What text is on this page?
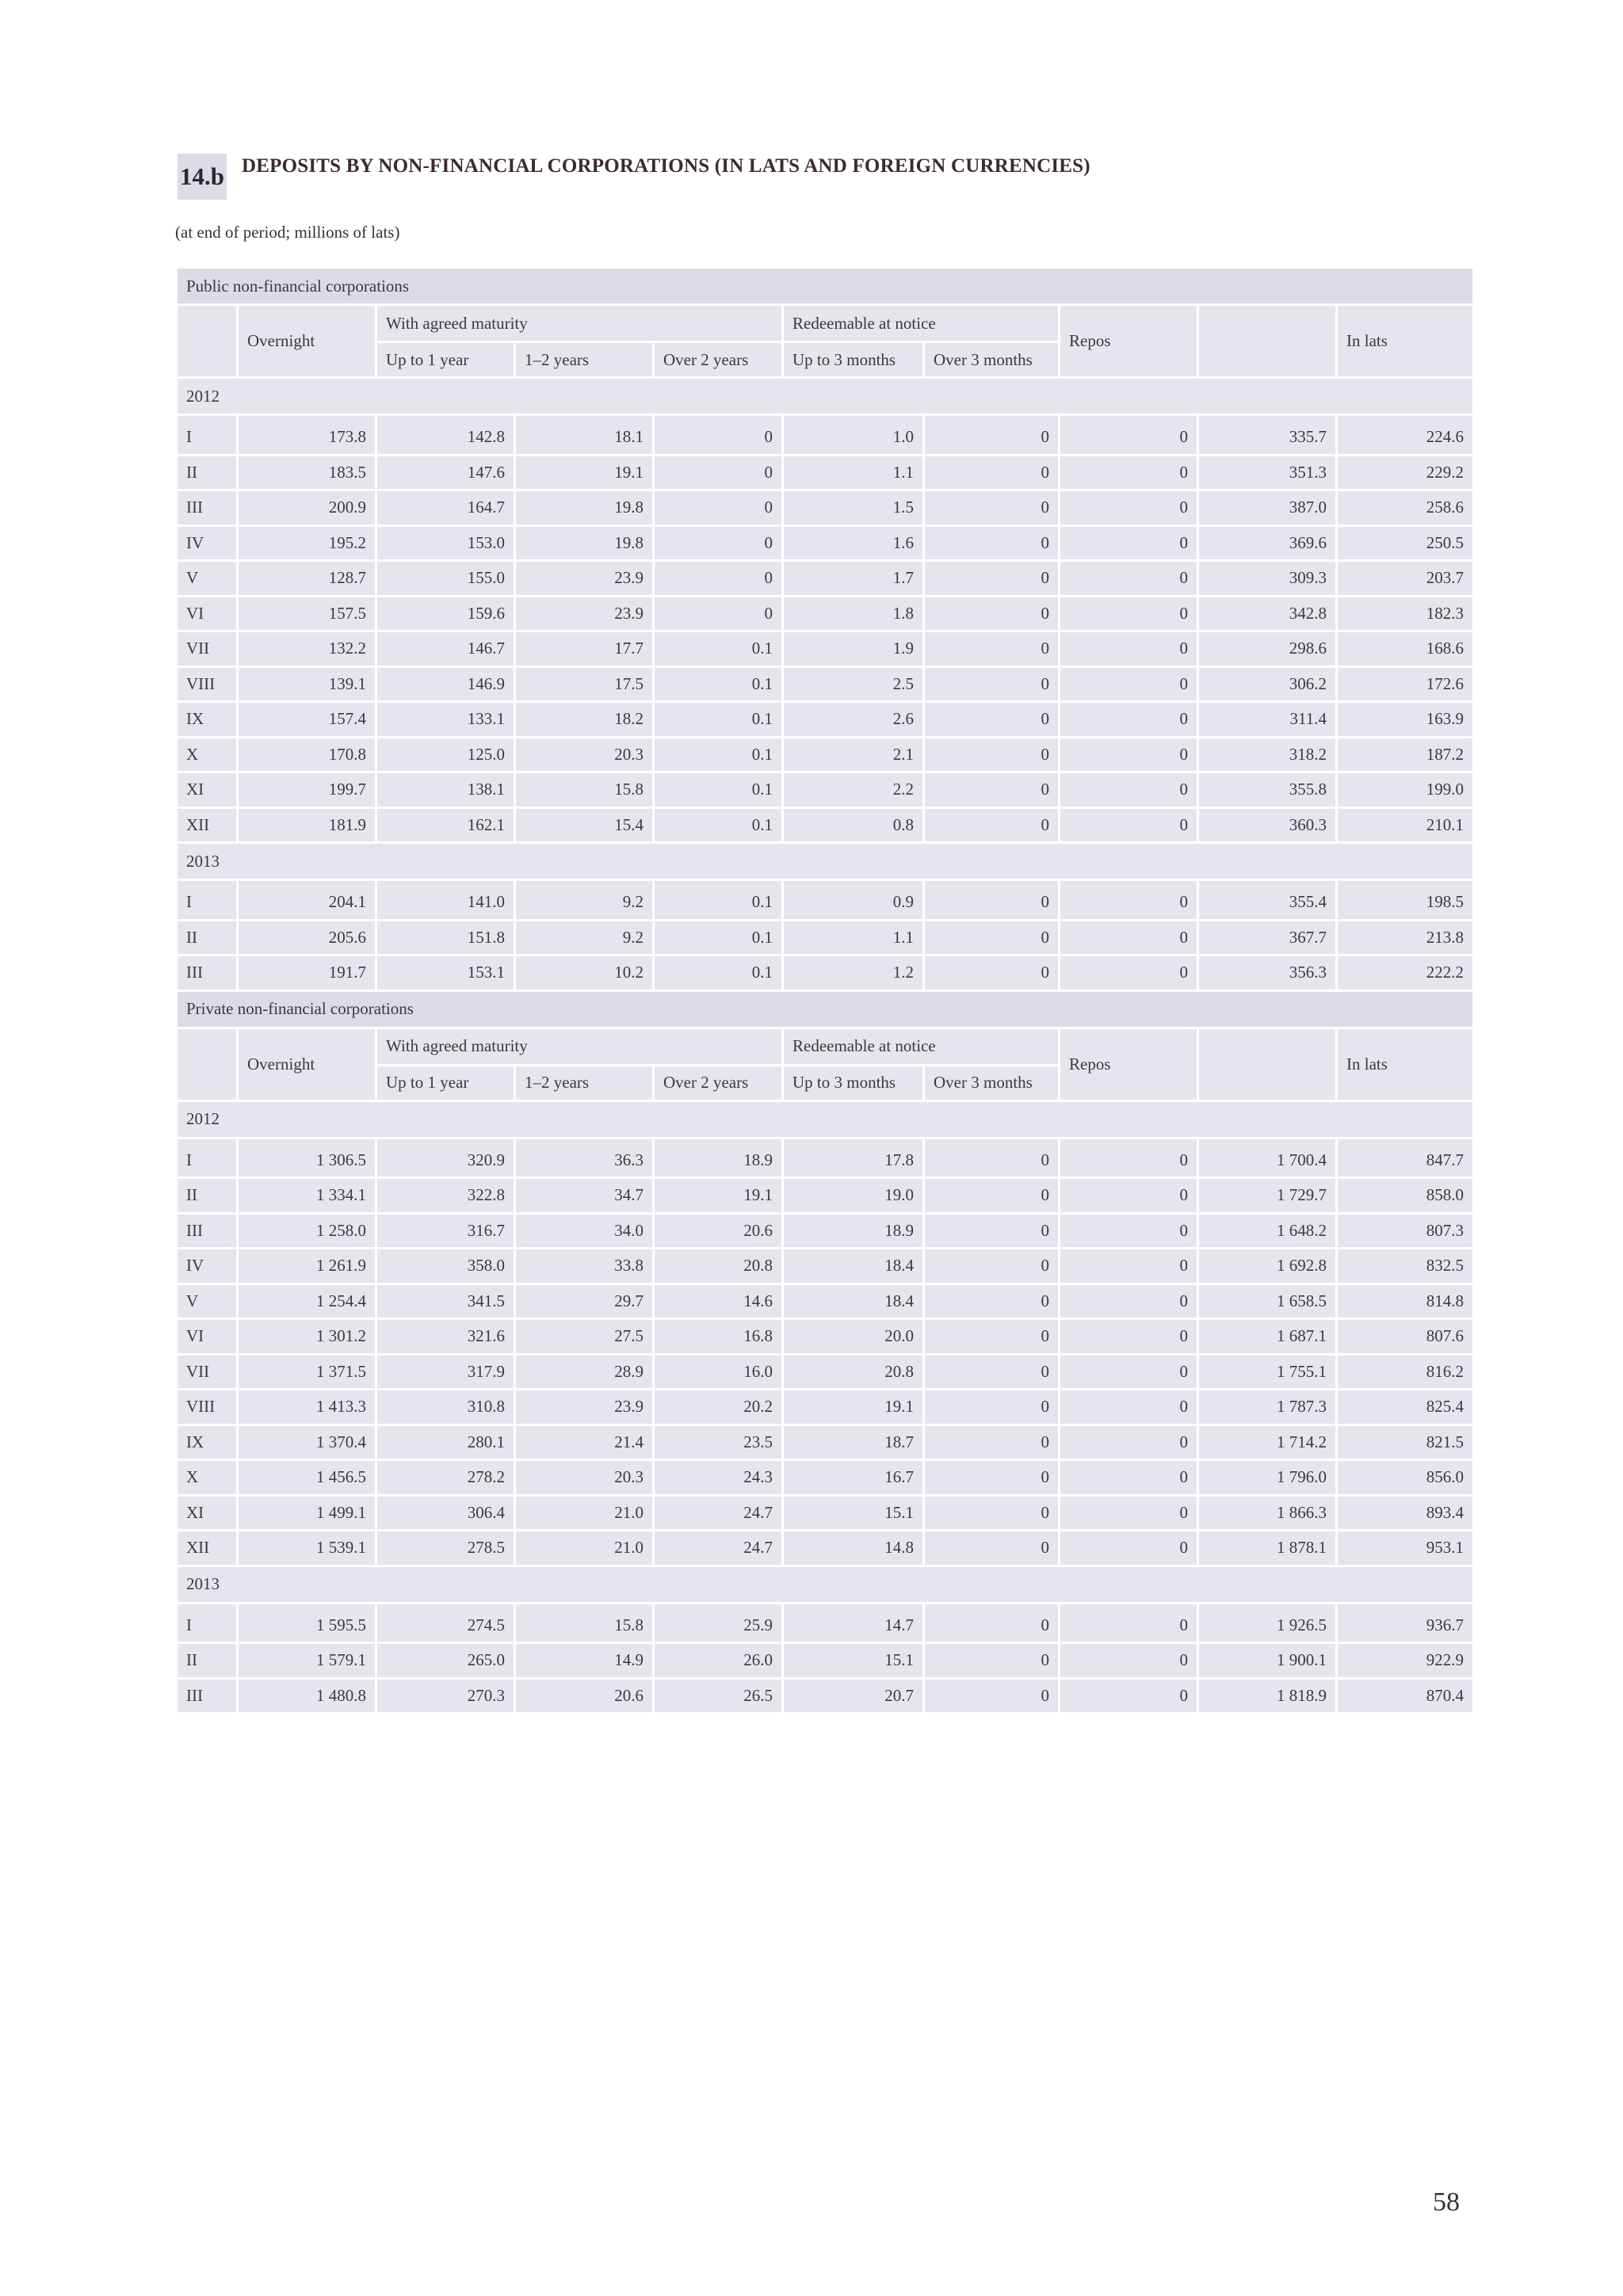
14.b DEPOSITS BY NON-FINANCIAL CORPORATIONS (IN LATS AND FOREIGN CURRENCIES)
(at end of period; millions of lats)
Public non-financial corporations									
	Overnight	With agreed maturity			Redeemable at notice		Repos		In lats
		Up to 1 year	1–2 years	Over 2 years	Up to 3 months	Over 3 months			
2012									
I	173.8	142.8	18.1	0	1.0	0	0	335.7	224.6
II	183.5	147.6	19.1	0	1.1	0	0	351.3	229.2
III	200.9	164.7	19.8	0	1.5	0	0	387.0	258.6
IV	195.2	153.0	19.8	0	1.6	0	0	369.6	250.5
V	128.7	155.0	23.9	0	1.7	0	0	309.3	203.7
VI	157.5	159.6	23.9	0	1.8	0	0	342.8	182.3
VII	132.2	146.7	17.7	0.1	1.9	0	0	298.6	168.6
VIII	139.1	146.9	17.5	0.1	2.5	0	0	306.2	172.6
IX	157.4	133.1	18.2	0.1	2.6	0	0	311.4	163.9
X	170.8	125.0	20.3	0.1	2.1	0	0	318.2	187.2
XI	199.7	138.1	15.8	0.1	2.2	0	0	355.8	199.0
XII	181.9	162.1	15.4	0.1	0.8	0	0	360.3	210.1
2013									
I	204.1	141.0	9.2	0.1	0.9	0	0	355.4	198.5
II	205.6	151.8	9.2	0.1	1.1	0	0	367.7	213.8
III	191.7	153.1	10.2	0.1	1.2	0	0	356.3	222.2
Private non-financial corporations									
	Overnight	With agreed maturity			Redeemable at notice		Repos		In lats
		Up to 1 year	1–2 years	Over 2 years	Up to 3 months	Over 3 months			
2012									
I	1 306.5	320.9	36.3	18.9	17.8	0	0	1 700.4	847.7
II	1 334.1	322.8	34.7	19.1	19.0	0	0	1 729.7	858.0
III	1 258.0	316.7	34.0	20.6	18.9	0	0	1 648.2	807.3
IV	1 261.9	358.0	33.8	20.8	18.4	0	0	1 692.8	832.5
V	1 254.4	341.5	29.7	14.6	18.4	0	0	1 658.5	814.8
VI	1 301.2	321.6	27.5	16.8	20.0	0	0	1 687.1	807.6
VII	1 371.5	317.9	28.9	16.0	20.8	0	0	1 755.1	816.2
VIII	1 413.3	310.8	23.9	20.2	19.1	0	0	1 787.3	825.4
IX	1 370.4	280.1	21.4	23.5	18.7	0	0	1 714.2	821.5
X	1 456.5	278.2	20.3	24.3	16.7	0	0	1 796.0	856.0
XI	1 499.1	306.4	21.0	24.7	15.1	0	0	1 866.3	893.4
XII	1 539.1	278.5	21.0	24.7	14.8	0	0	1 878.1	953.1
2013									
I	1 595.5	274.5	15.8	25.9	14.7	0	0	1 926.5	936.7
II	1 579.1	265.0	14.9	26.0	15.1	0	0	1 900.1	922.9
III	1 480.8	270.3	20.6	26.5	20.7	0	0	1 818.9	870.4
58
